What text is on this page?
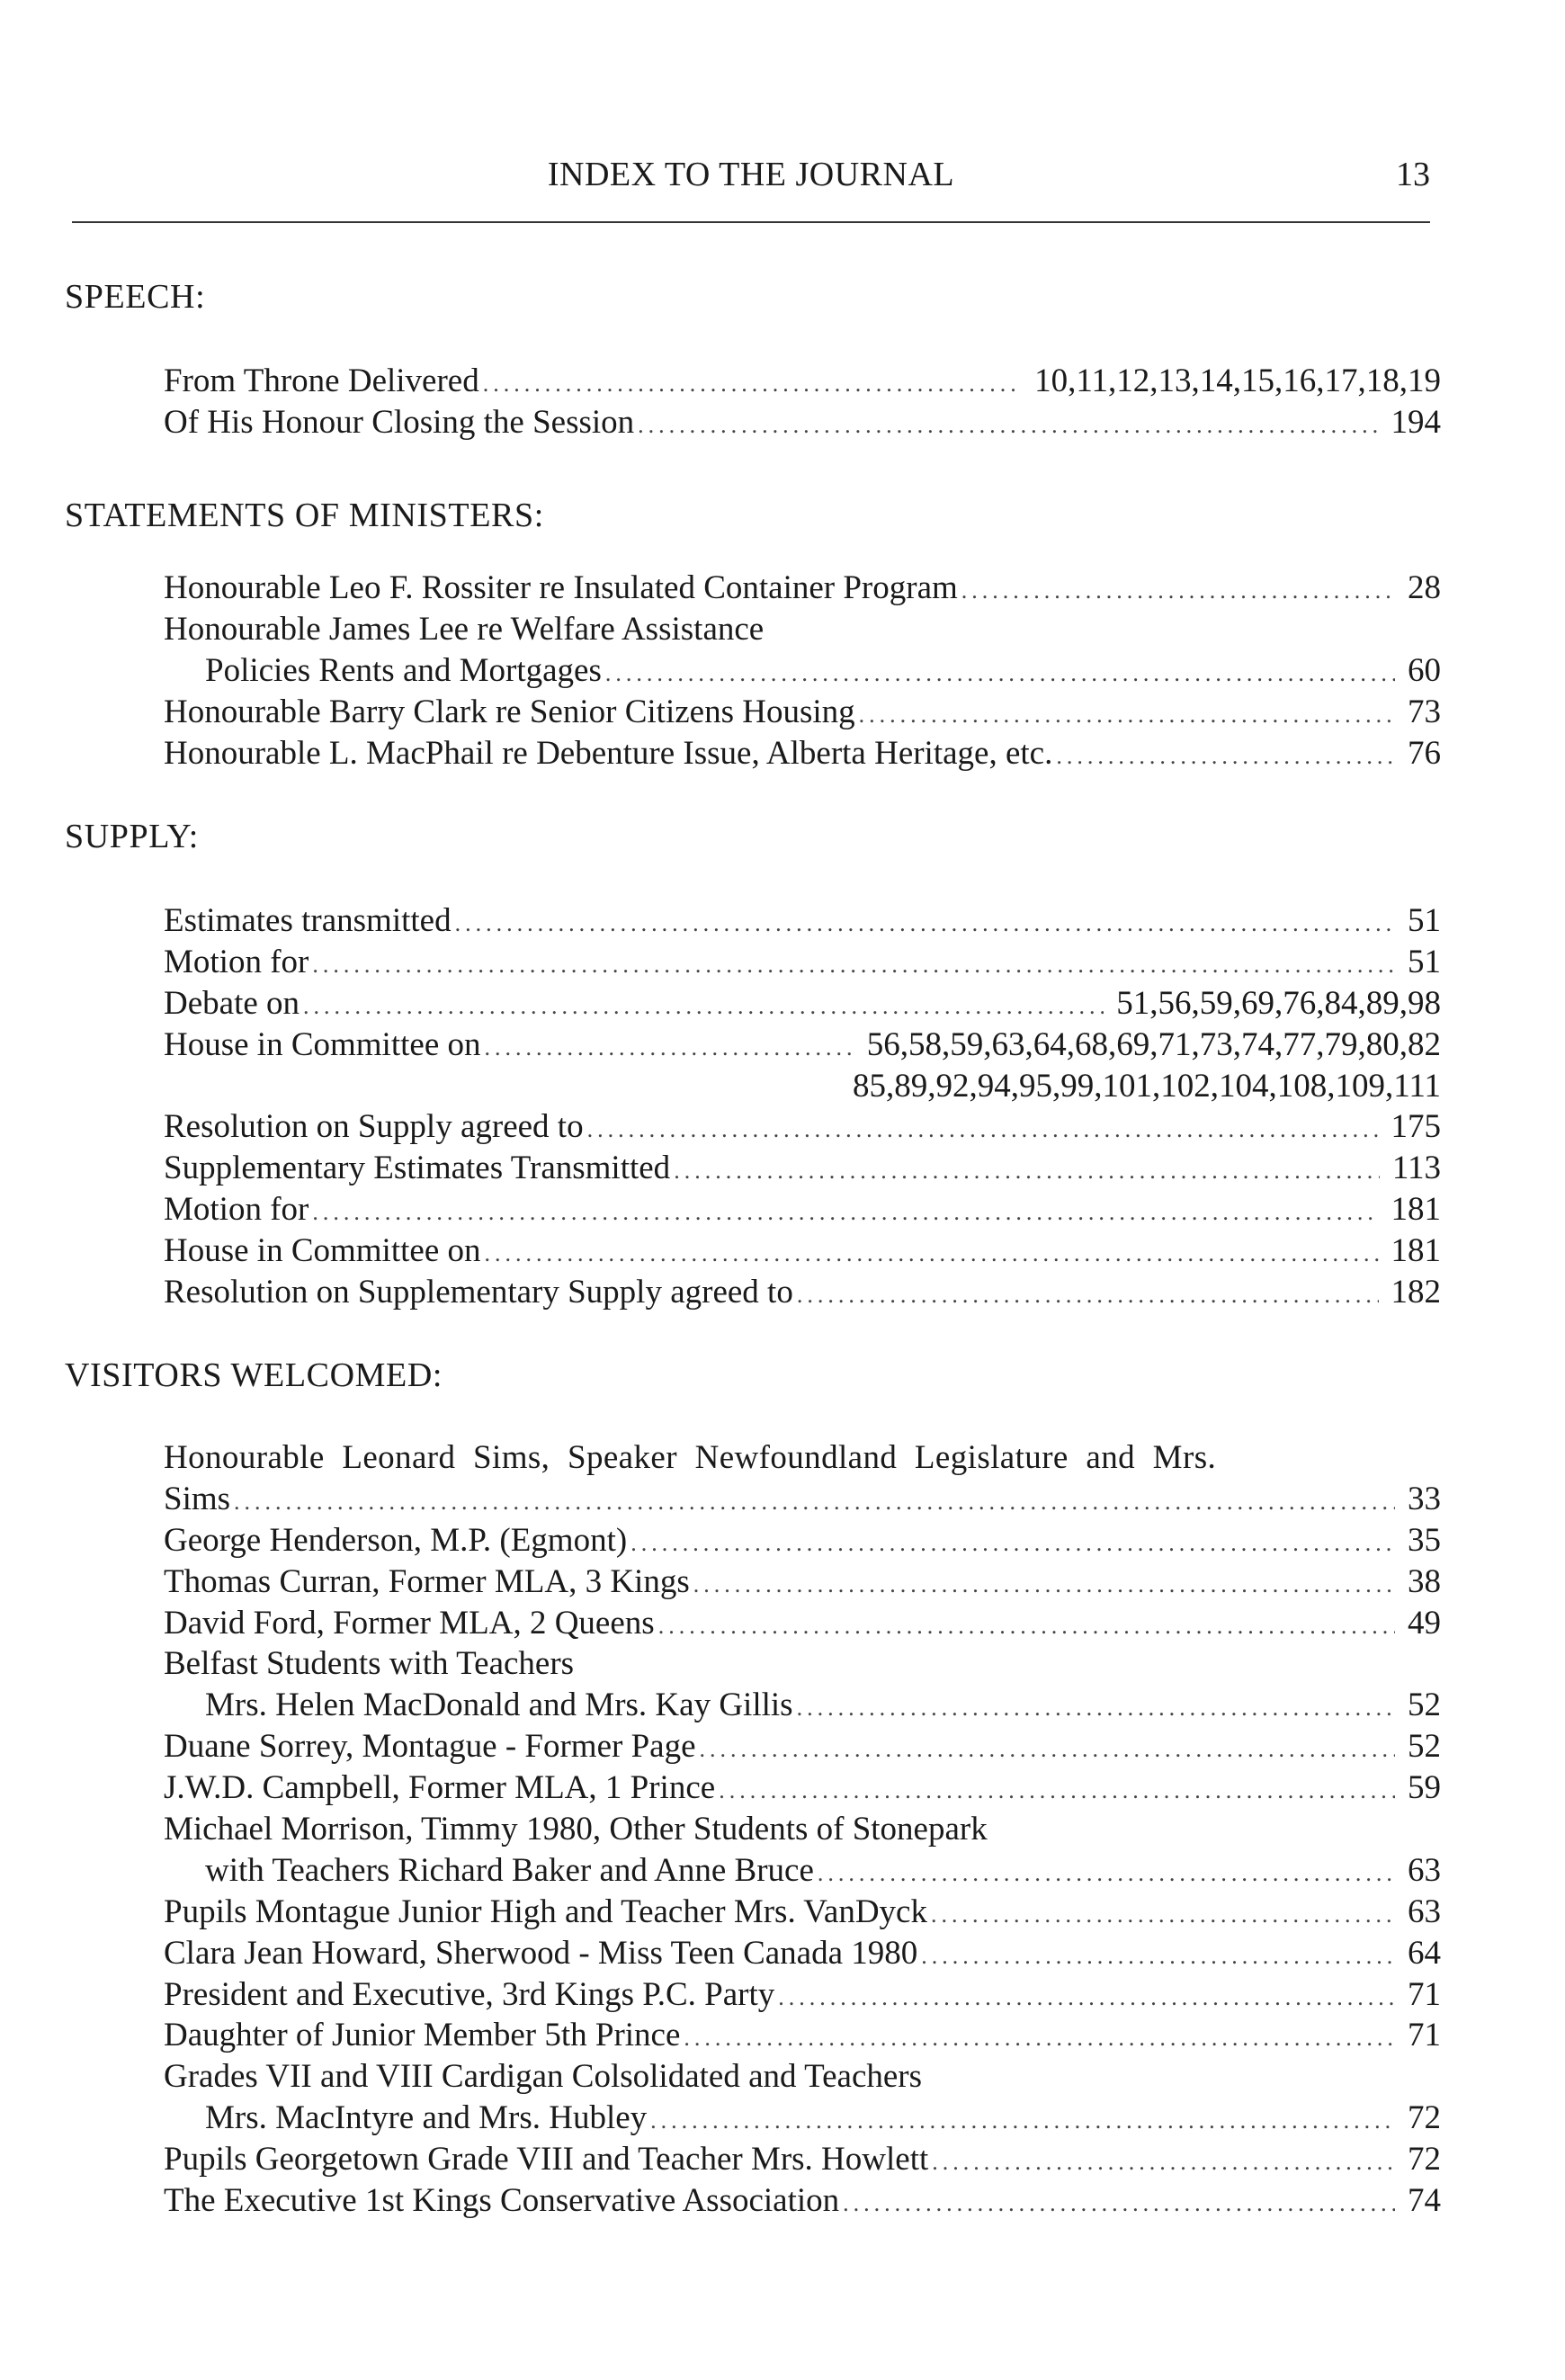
INDEX TO THE JOURNAL	13
SPEECH:
From Throne Delivered .....	10,11,12,13,14,15,16,17,18,19
Of His Honour Closing the Session .....	194
STATEMENTS OF MINISTERS:
Honourable Leo F. Rossiter re Insulated Container Program .....	28
Honourable James Lee re Welfare Assistance
Policies Rents and Mortgages .....	60
Honourable Barry Clark re Senior Citizens Housing .....	73
Honourable L. MacPhail re Debenture Issue, Alberta Heritage, etc. .....	76
SUPPLY:
Estimates transmitted .....	51
Motion for .....	51
Debate on .....	51,56,59,69,76,84,89,98
House in Committee on .....	56,58,59,63,64,68,69,71,73,74,77,79,80,82
85,89,92,94,95,99,101,102,104,108,109,111
Resolution on Supply agreed to .....	175
Supplementary Estimates Transmitted .....	113
Motion for .....	181
House in Committee on .....	181
Resolution on Supplementary Supply agreed to .....	182
VISITORS WELCOMED:
Honourable Leonard Sims, Speaker Newfoundland Legislature and Mrs.
Sims .....	33
George Henderson, M.P. (Egmont) .....	35
Thomas Curran, Former MLA, 3 Kings .....	38
David Ford, Former MLA, 2 Queens .....	49
Belfast Students with Teachers
Mrs. Helen MacDonald and Mrs. Kay Gillis .....	52
Duane Sorrey, Montague - Former Page .....	52
J.W.D. Campbell, Former MLA, 1 Prince .....	59
Michael Morrison, Timmy 1980, Other Students of Stonepark
with Teachers Richard Baker and Anne Bruce .....	63
Pupils Montague Junior High and Teacher Mrs. VanDyck .....	63
Clara Jean Howard, Sherwood - Miss Teen Canada 1980 .....	64
President and Executive, 3rd Kings P.C. Party .....	71
Daughter of Junior Member 5th Prince .....	71
Grades VII and VIII Cardigan Colsolidated and Teachers
Mrs. MacIntyre and Mrs. Hubley .....	72
Pupils Georgetown Grade VIII and Teacher Mrs. Howlett .....	72
The Executive 1st Kings Conservative Association .....	74
